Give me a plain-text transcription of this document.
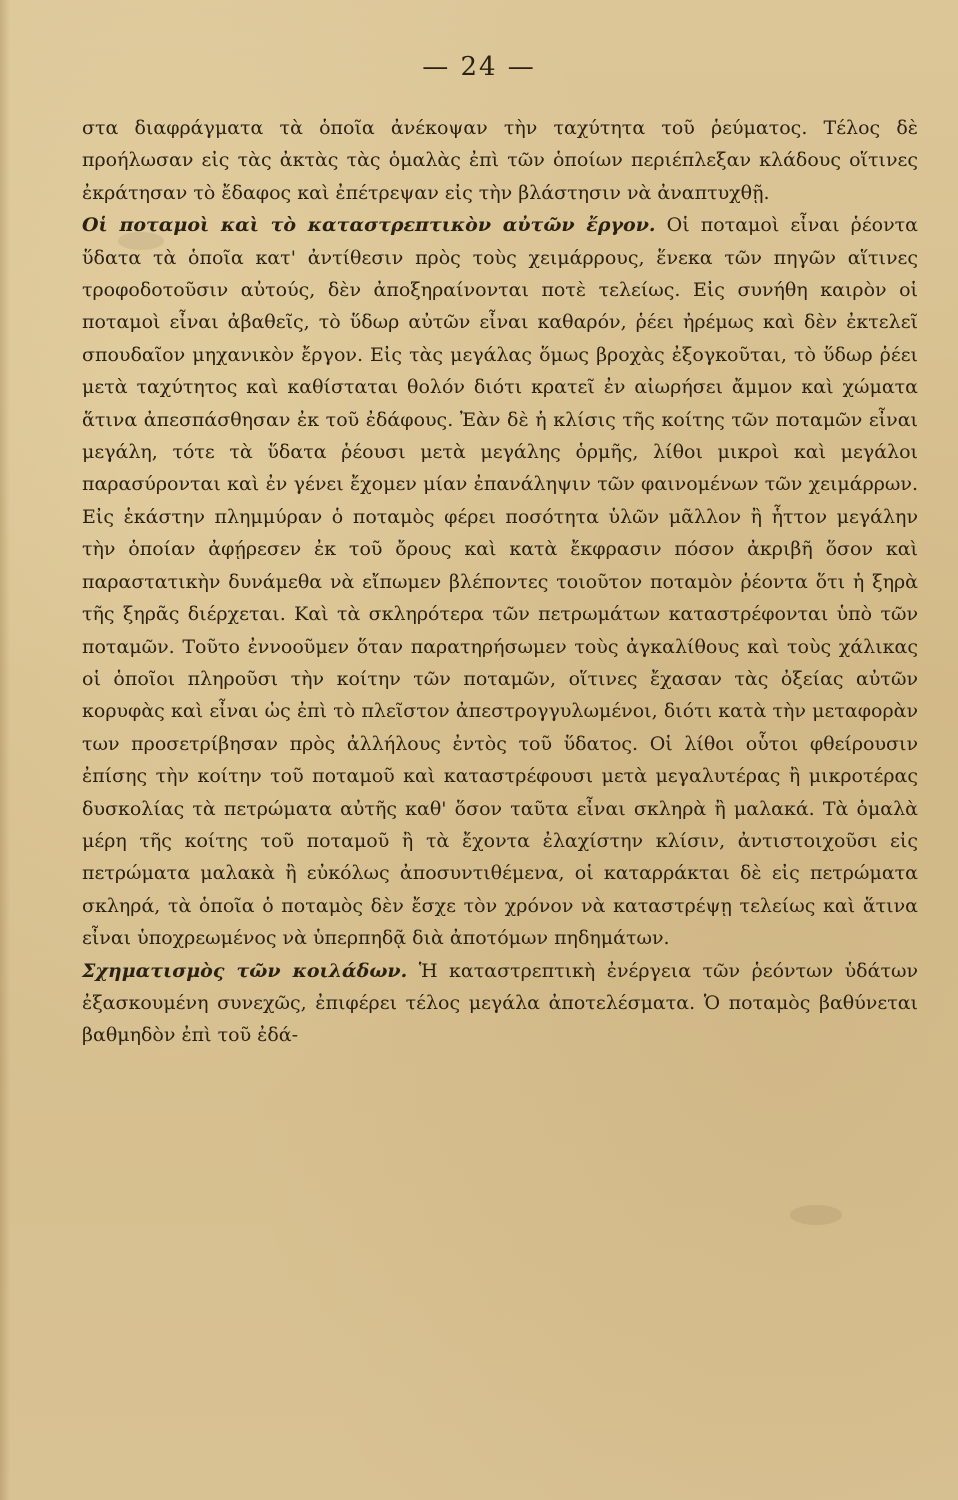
— 24 —

στα διαφράγματα τὰ ὁποῖα ἀνέκοψαν τὴν ταχύτητα τοῦ ῥεύματος. Τέλος δὲ προήλωσαν εἰς τὰς ἀκτὰς τὰς ὁμαλὰς ἐπὶ τῶν ὁποίων περιέπλεξαν κλάδους οἵτινες ἐκράτησαν τὸ ἔδαφος καὶ ἐπέτρεψαν εἰς τὴν βλάστησιν νὰ ἀναπτυχθῇ.

Οἱ ποταμοὶ καὶ τὸ καταστρεπτικὸν αὐτῶν ἔργον. Οἱ ποταμοὶ εἶναι ῥέοντα ὕδατα τὰ ὁποῖα κατ' ἀντίθεσιν πρὸς τοὺς χειμάρρους, ἕνεκα τῶν πηγῶν αἵτινες τροφοδοτοῦσιν αὐτούς, δὲν ἀποξηραίνονται ποτὲ τελείως. Εἰς συνήθη καιρὸν οἱ ποταμοὶ εἶναι ἀβαθεῖς, τὸ ὕδωρ αὐτῶν εἶναι καθαρόν, ῥέει ἠρέμως καὶ δὲν ἐκτελεῖ σπουδαῖον μηχανικὸν ἔργον. Εἰς τὰς μεγάλας ὅμως βροχὰς ἐξογκοῦται, τὸ ὕδωρ ῥέει μετὰ ταχύτητος καὶ καθίσταται θολόν διότι κρατεῖ ἐν αἰωρήσει ἄμμον καὶ χώματα ἅτινα ἀπεσπάσθησαν ἐκ τοῦ ἐδάφους. Ἐὰν δὲ ἡ κλίσις τῆς κοίτης τῶν ποταμῶν εἶναι μεγάλη, τότε τὰ ὕδατα ῥέουσι μετὰ μεγάλης ὁρμῆς, λίθοι μικροὶ καὶ μεγάλοι παρασύρονται καὶ ἐν γένει ἔχομεν μίαν ἐπανάληψιν τῶν φαινομένων τῶν χειμάρρων. Εἰς ἑκάστην πλημμύραν ὁ ποταμὸς φέρει ποσότητα ὑλῶν μᾶλλον ἢ ἧττον μεγάλην τὴν ὁποίαν ἀφῄρεσεν ἐκ τοῦ ὄρους καὶ κατὰ ἔκφρασιν πόσον ἀκριβῆ ὅσον καὶ παραστατικὴν δυνάμεθα νὰ εἴπωμεν βλέποντες τοιοῦτον ποταμὸν ῥέοντα ὅτι ἡ ξηρὰ τῆς ξηρᾶς διέρχεται. Καὶ τὰ σκληρότερα τῶν πετρωμάτων καταστρέφονται ὑπὸ τῶν ποταμῶν. Τοῦτο ἐννοοῦμεν ὅταν παρατηρήσωμεν τοὺς ἀγκαλίθους καὶ τοὺς χάλικας οἱ ὁποῖοι πληροῦσι τὴν κοίτην τῶν ποταμῶν, οἵτινες ἔχασαν τὰς ὀξείας αὐτῶν κορυφὰς καὶ εἶναι ὡς ἐπὶ τὸ πλεῖστον ἀπεστρογγυλωμένοι, διότι κατὰ τὴν μεταφορὰν των προσετρίβησαν πρὸς ἀλλήλους ἐντὸς τοῦ ὕδατος. Οἱ λίθοι οὗτοι φθείρουσιν ἐπίσης τὴν κοίτην τοῦ ποταμοῦ καὶ καταστρέφουσι μετὰ μεγαλυτέρας ἢ μικροτέρας δυσκολίας τὰ πετρώματα αὐτῆς καθ' ὅσον ταῦτα εἶναι σκληρὰ ἢ μαλακά. Τὰ ὁμαλὰ μέρη τῆς κοίτης τοῦ ποταμοῦ ἢ τὰ ἔχοντα ἐλαχίστην κλίσιν, ἀντιστοιχοῦσι εἰς πετρώματα μαλακὰ ἢ εὐκόλως ἀποσυντιθέμενα, οἱ καταρράκται δὲ εἰς πετρώματα σκληρά, τὰ ὁποῖα ὁ ποταμὸς δὲν ἔσχε τὸν χρόνον νὰ καταστρέψῃ τελείως καὶ ἅτινα εἶναι ὑποχρεωμένος νὰ ὑπερπηδᾷ διὰ ἀποτόμων πηδημάτων.

Σχηματισμὸς τῶν κοιλάδων. Ἡ καταστρεπτικὴ ἐνέργεια τῶν ῥεόντων ὑδάτων ἐξασκουμένη συνεχῶς, ἐπιφέρει τέλος μεγάλα ἀποτελέσματα. Ὁ ποταμὸς βαθύνεται βαθμηδὸν ἐπὶ τοῦ ἐδά-
